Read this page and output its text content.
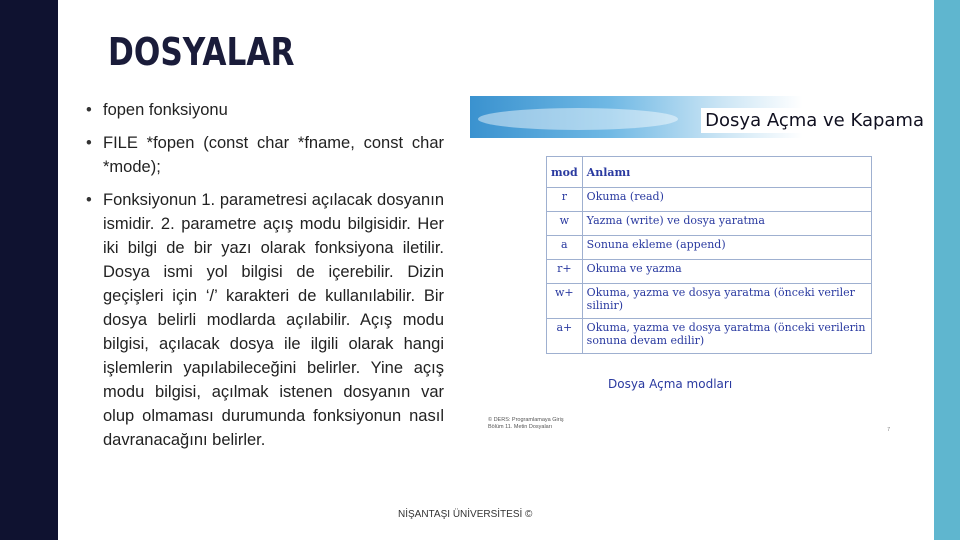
DOSYALAR
• fopen fonksiyonu
• FILE *fopen (const char *fname, const char *mode);
• Fonksiyonun 1. parametresi açılacak dosyanın ismidir. 2. parametre açış modu bilgisidir. Her iki bilgi de bir yazı olarak fonksiyona iletilir. Dosya ismi yol bilgisi de içerebilir. Dizin geçişleri için ‘/’ karakteri de kullanılabilir. Bir dosya belirli modlarda açılabilir. Açış modu bilgisi, açılacak dosya ile ilgili olarak hangi işlemlerin yapılabileceğini belirler. Yine açış modu bilgisi, açılmak istenen dosyanın var olup olmaması durumunda fonksiyonun nasıl davranacağını belirler.
Dosya Açma ve Kapama
mod	Anlamı
r	Okuma (read)
w	Yazma (write) ve dosya yaratma
a	Sonuna ekleme (append)
r+	Okuma ve yazma
w+	Okuma, yazma ve dosya yaratma (önceki veriler silinir)
a+	Okuma, yazma ve dosya yaratma (önceki verilerin sonuna devam edilir)
Dosya Açma modları
© DERS: Programlamaya Giriş
Bölüm 11. Metin Dosyaları	7
NİŞANTAŞI ÜNİVERSİTESİ ©
